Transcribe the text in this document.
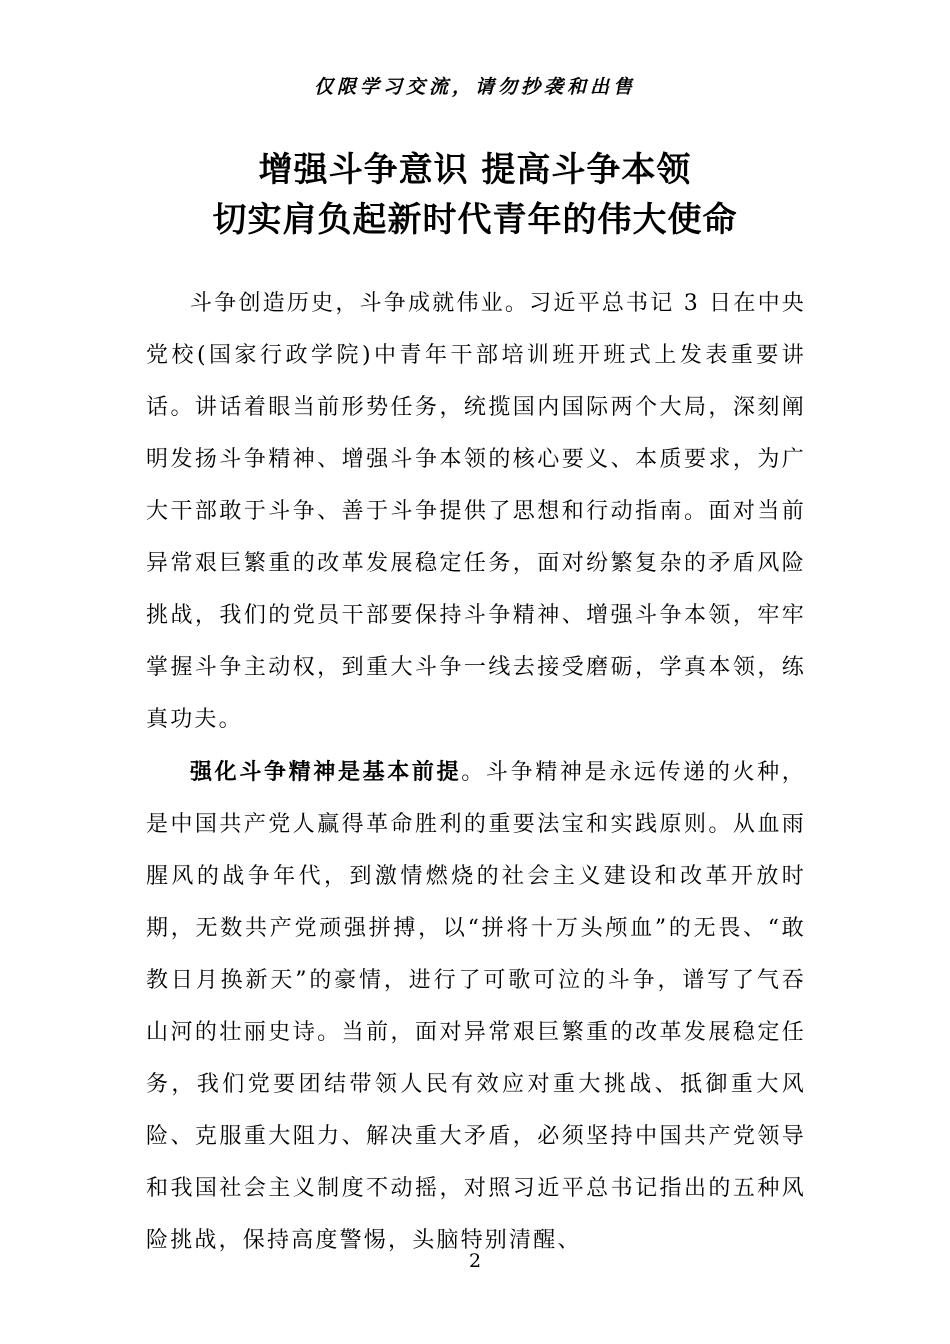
仅限学习交流，请勿抄袭和出售
增强斗争意识 提高斗争本领
切实肩负起新时代青年的伟大使命

斗争创造历史，斗争成就伟业。习近平总书记 3 日在中央党校(国家行政学院)中青年干部培训班开班式上发表重要讲话。讲话着眼当前形势任务，统揽国内国际两个大局，深刻阐明发扬斗争精神、增强斗争本领的核心要义、本质要求，为广大干部敢于斗争、善于斗争提供了思想和行动指南。面对当前异常艰巨繁重的改革发展稳定任务，面对纷繁复杂的矛盾风险挑战，我们的党员干部要保持斗争精神、增强斗争本领，牢牢掌握斗争主动权，到重大斗争一线去接受磨砺，学真本领，练真功夫。

强化斗争精神是基本前提。斗争精神是永远传递的火种，是中国共产党人赢得革命胜利的重要法宝和实践原则。从血雨腥风的战争年代，到激情燃烧的社会主义建设和改革开放时期，无数共产党顽强拼搏，以“拼将十万头颅血”的无畏、“敢教日月换新天”的豪情，进行了可歌可泣的斗争，谱写了气吞山河的壮丽史诗。当前，面对异常艰巨繁重的改革发展稳定任务，我们党要团结带领人民有效应对重大挑战、抵御重大风险、克服重大阻力、解决重大矛盾，必须坚持中国共产党领导和我国社会主义制度不动摇，对照习近平总书记指出的五种风险挑战，保持高度警惕，头脑特别清醒、

2
